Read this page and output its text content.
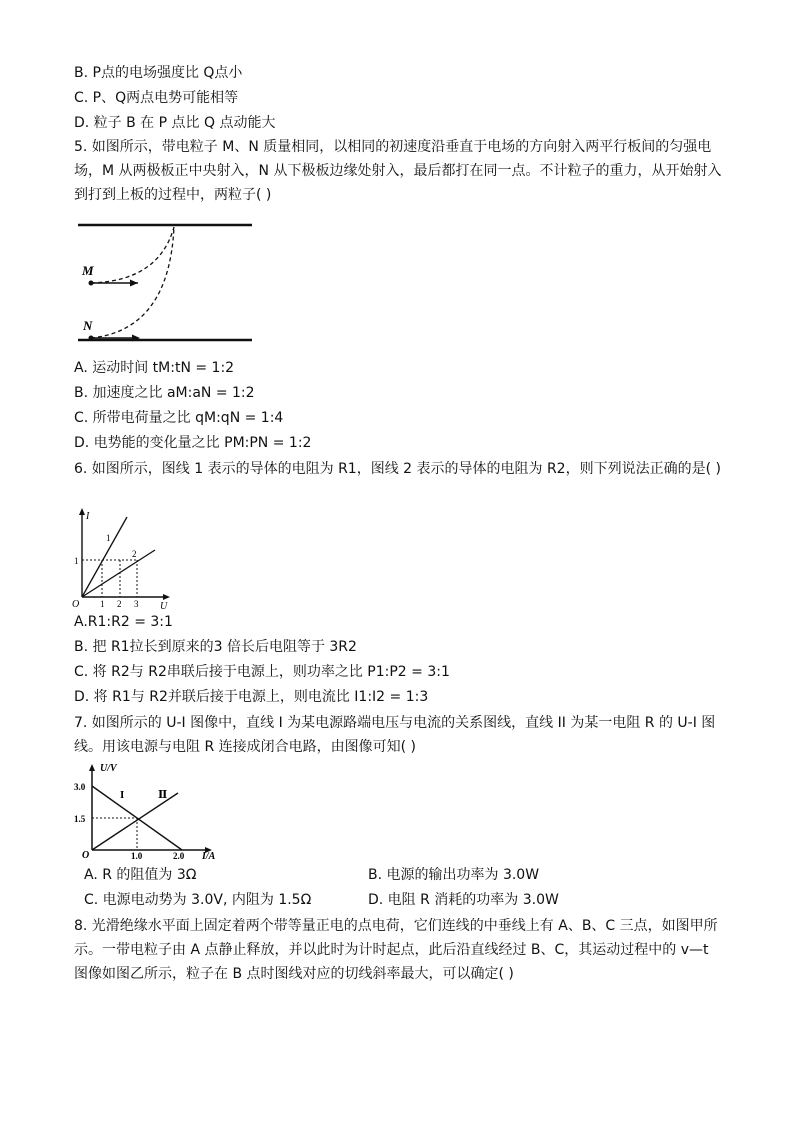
B. P点的电场强度比 Q点小
C. P、Q两点电势可能相等
D. 粒子 B 在 P 点比 Q 点动能大
5. 如图所示，带电粒子 M、N 质量相同，以相同的初速度沿垂直于电场的方向射入两平行板间的匀强电场，M 从两极板正中央射入，N 从下极板边缘处射入，最后都打在同一点。不计粒子的重力，从开始射入到打到上板的过程中，两粒子( )
M
N
A. 运动时间 tM:tN = 1:2
B. 加速度之比 aM:aN = 1:2
C. 所带电荷量之比 qM:qN = 1:4
D. 电势能的变化量之比 PM:PN = 1:2
6. 如图所示，图线 1 表示的导体的电阻为 R1，图线 2 表示的导体的电阻为 R2，则下列说法正确的是( )
I
U
O
1
1 2 3
1
2
A.R1:R2 = 3:1
B. 把 R1拉长到原来的3 倍长后电阻等于 3R2
C. 将 R2与 R2串联后接于电源上，则功率之比 P1:P2 = 3:1
D. 将 R1与 R2并联后接于电源上，则电流比 I1:I2 = 1:3
7. 如图所示的 U-I 图像中，直线 I 为某电源路端电压与电流的关系图线，直线 II 为某一电阻 R 的 U-I 图线。用该电源与电阻 R 连接成闭合电路，由图像可知( )
U/V
I/A
O
3.0
1.5
1.0	2.0
I	Ⅱ
A. R 的阻值为 3Ω	B. 电源的输出功率为 3.0W
C. 电源电动势为 3.0V, 内阻为 1.5Ω	D. 电阻 R 消耗的功率为 3.0W
8. 光滑绝缘水平面上固定着两个带等量正电的点电荷，它们连线的中垂线上有 A、B、C 三点，如图甲所示。一带电粒子由 A 点静止释放，并以此时为计时起点，此后沿直线经过 B、C，其运动过程中的 v—t 图像如图乙所示，粒子在 B 点时图线对应的切线斜率最大，可以确定( )
